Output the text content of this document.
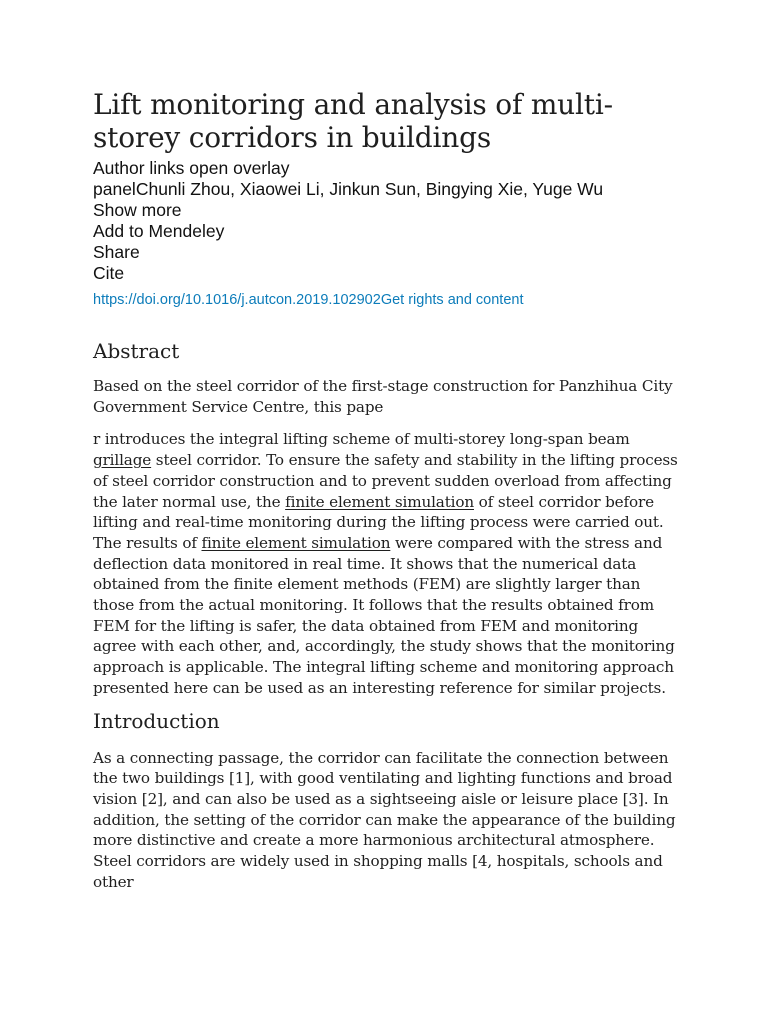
Lift monitoring and analysis of multi-storey corridors in buildings
Author links open overlay
panelChunli Zhou, Xiaowei Li, Jinkun Sun, Bingying Xie, Yuge Wu
Show more
Add to Mendeley
Share
Cite
https://doi.org/10.1016/j.autcon.2019.102902Get rights and content
Abstract

Based on the steel corridor of the first-stage construction for Panzhihua City Government Service Centre, this pape

r introduces the integral lifting scheme of multi-storey long-span beam grillage steel corridor. To ensure the safety and stability in the lifting process of steel corridor construction and to prevent sudden overload from affecting the later normal use, the finite element simulation of steel corridor before lifting and real-time monitoring during the lifting process were carried out. The results of finite element simulation were compared with the stress and deflection data monitored in real time. It shows that the numerical data obtained from the finite element methods (FEM) are slightly larger than those from the actual monitoring. It follows that the results obtained from FEM for the lifting is safer, the data obtained from FEM and monitoring agree with each other, and, accordingly, the study shows that the monitoring approach is applicable. The integral lifting scheme and monitoring approach presented here can be used as an interesting reference for similar projects.

Introduction

As a connecting passage, the corridor can facilitate the connection between the two buildings [1], with good ventilating and lighting functions and broad vision [2], and can also be used as a sightseeing aisle or leisure place [3]. In addition, the setting of the corridor can make the appearance of the building more distinctive and create a more harmonious architectural atmosphere. Steel corridors are widely used in shopping malls [4, hospitals, schools and other
